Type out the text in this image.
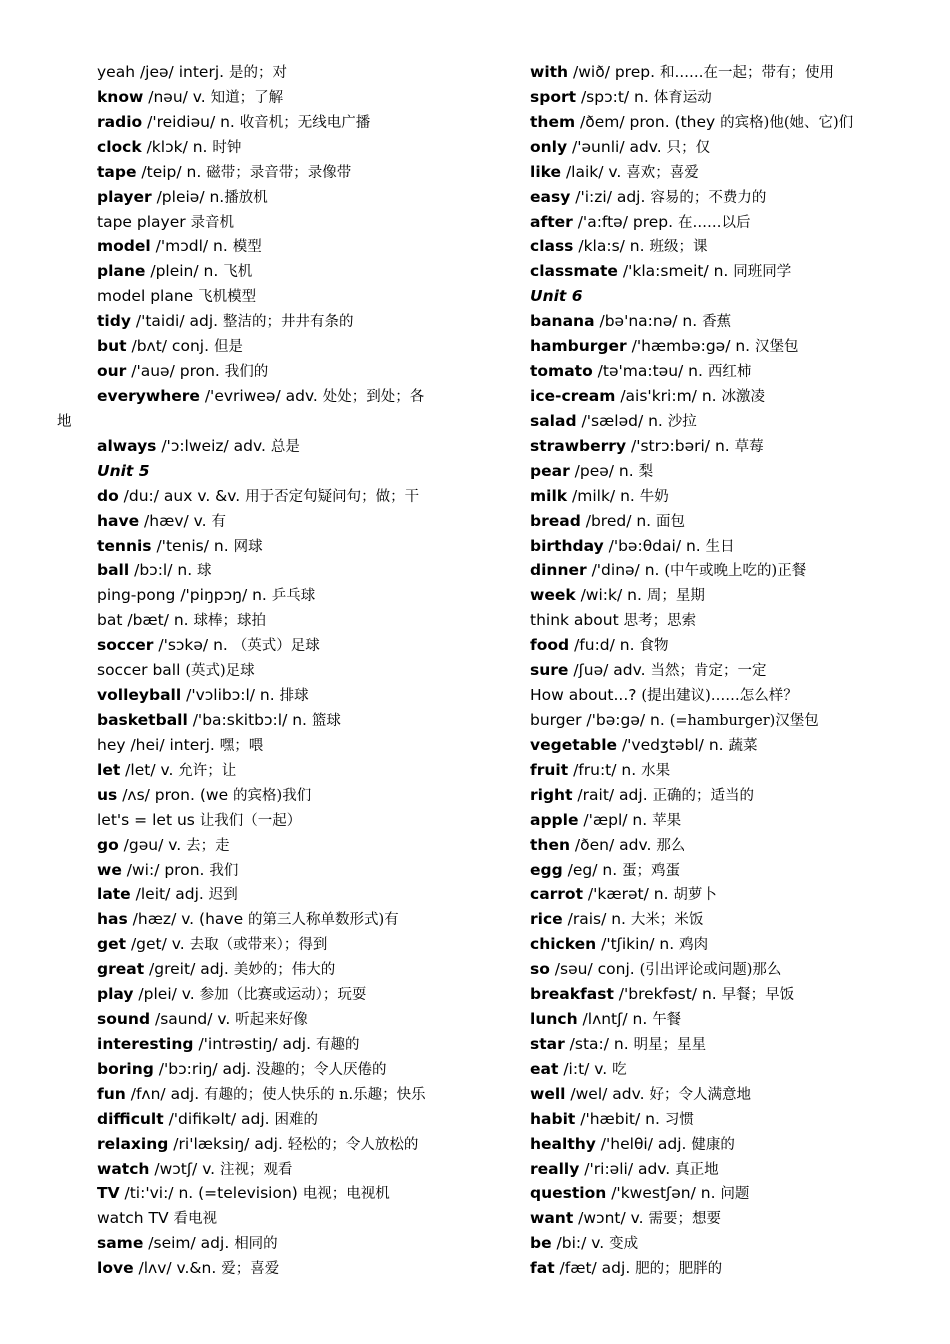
yeah /jeə/ interj. 是的；对
know /nəu/ v. 知道；了解
radio /'reidiəu/ n. 收音机；无线电广播
clock /klɔk/ n. 时钟
tape /teip/ n. 磁带；录音带；录像带
player /pleiə/ n.播放机
tape player 录音机
model /'mɔdl/ n. 模型
plane /plein/ n. 飞机
model plane 飞机模型
tidy /'taidi/ adj. 整洁的；井井有条的
but /bʌt/ conj. 但是
our /'auə/ pron. 我们的
everywhere /'evriweə/ adv. 处处；到处；各
地
always /'ɔ:lweiz/ adv. 总是
Unit 5
do /du:/ aux v. &v. 用于否定句疑问句；做；干
have /hæv/ v. 有
tennis /'tenis/ n. 网球
ball /bɔ:l/ n. 球
ping-pong /'piŋpɔŋ/ n. 乒乓球
bat /bæt/ n. 球棒；球拍
soccer /'sɔkə/ n. （英式）足球
soccer ball (英式)足球
volleyball /'vɔlibɔ:l/ n. 排球
basketball /'ba:skitbɔ:l/ n. 篮球
hey /hei/ interj. 嘿；喂
let /let/ v. 允许；让
us /ʌs/ pron. (we 的宾格)我们
let's = let us 让我们（一起）
go /gəu/ v. 去；走
we /wi:/ pron. 我们
late /leit/ adj. 迟到
has /hæz/ v. (have 的第三人称单数形式)有
get /get/ v. 去取（或带来）；得到
great /greit/ adj. 美妙的；伟大的
play /plei/ v. 参加（比赛或运动）；玩耍
sound /saund/ v. 听起来好像
interesting /'intrəstiŋ/ adj. 有趣的
boring /'bɔ:riŋ/ adj. 没趣的；令人厌倦的
fun /fʌn/ adj. 有趣的；使人快乐的 n.乐趣；快乐
difficult /'difikəlt/ adj. 困难的
relaxing /ri'læksiŋ/ adj. 轻松的；令人放松的
watch /wɔtʃ/ v. 注视；观看
TV /ti:'vi:/ n. (=television) 电视；电视机
watch TV 看电视
same /seim/ adj. 相同的
love /lʌv/ v.&n. 爱；喜爱
with /wið/ prep. 和……在一起；带有；使用
sport /spɔ:t/ n. 体育运动
them /ðem/ pron. (they 的宾格)他(她、它)们
only /'əunli/ adv. 只；仅
like /laik/ v. 喜欢；喜爱
easy /'i:zi/ adj. 容易的；不费力的
after /'a:ftə/ prep. 在……以后
class /kla:s/ n. 班级；课
classmate /'kla:smeit/ n. 同班同学
Unit 6
banana /bə'na:nə/ n. 香蕉
hamburger /'hæmbə:gə/ n. 汉堡包
tomato /tə'ma:təu/ n. 西红柿
ice-cream /ais'kri:m/ n. 冰激凌
salad /'sæləd/ n. 沙拉
strawberry /'strɔ:bəri/ n. 草莓
pear /peə/ n. 梨
milk /milk/ n. 牛奶
bread /bred/ n. 面包
birthday /'bə:θdai/ n. 生日
dinner /'dinə/ n. (中午或晚上吃的)正餐
week /wi:k/ n. 周；星期
think about 思考；思索
food /fu:d/ n. 食物
sure /ʃuə/ adv. 当然；肯定；一定
How about...? (提出建议)……怎么样？
burger /'bə:gə/ n. (=hamburger)汉堡包
vegetable /'vedʒtəbl/ n. 蔬菜
fruit /fru:t/ n. 水果
right /rait/ adj. 正确的；适当的
apple /'æpl/ n. 苹果
then /ðen/ adv. 那么
egg /eg/ n. 蛋；鸡蛋
carrot /'kærət/ n. 胡萝卜
rice /rais/ n. 大米；米饭
chicken /'tʃikin/ n. 鸡肉
so /səu/ conj. (引出评论或问题)那么
breakfast /'brekfəst/ n. 早餐；早饭
lunch /lʌntʃ/ n. 午餐
star /sta:/ n. 明星；星星
eat /i:t/ v. 吃
well /wel/ adv. 好；令人满意地
habit /'hæbit/ n. 习惯
healthy /'helθi/ adj. 健康的
really /'ri:əli/ adv. 真正地
question /'kwestʃən/ n. 问题
want /wɔnt/ v. 需要；想要
be /bi:/ v. 变成
fat /fæt/ adj. 肥的；肥胖的
